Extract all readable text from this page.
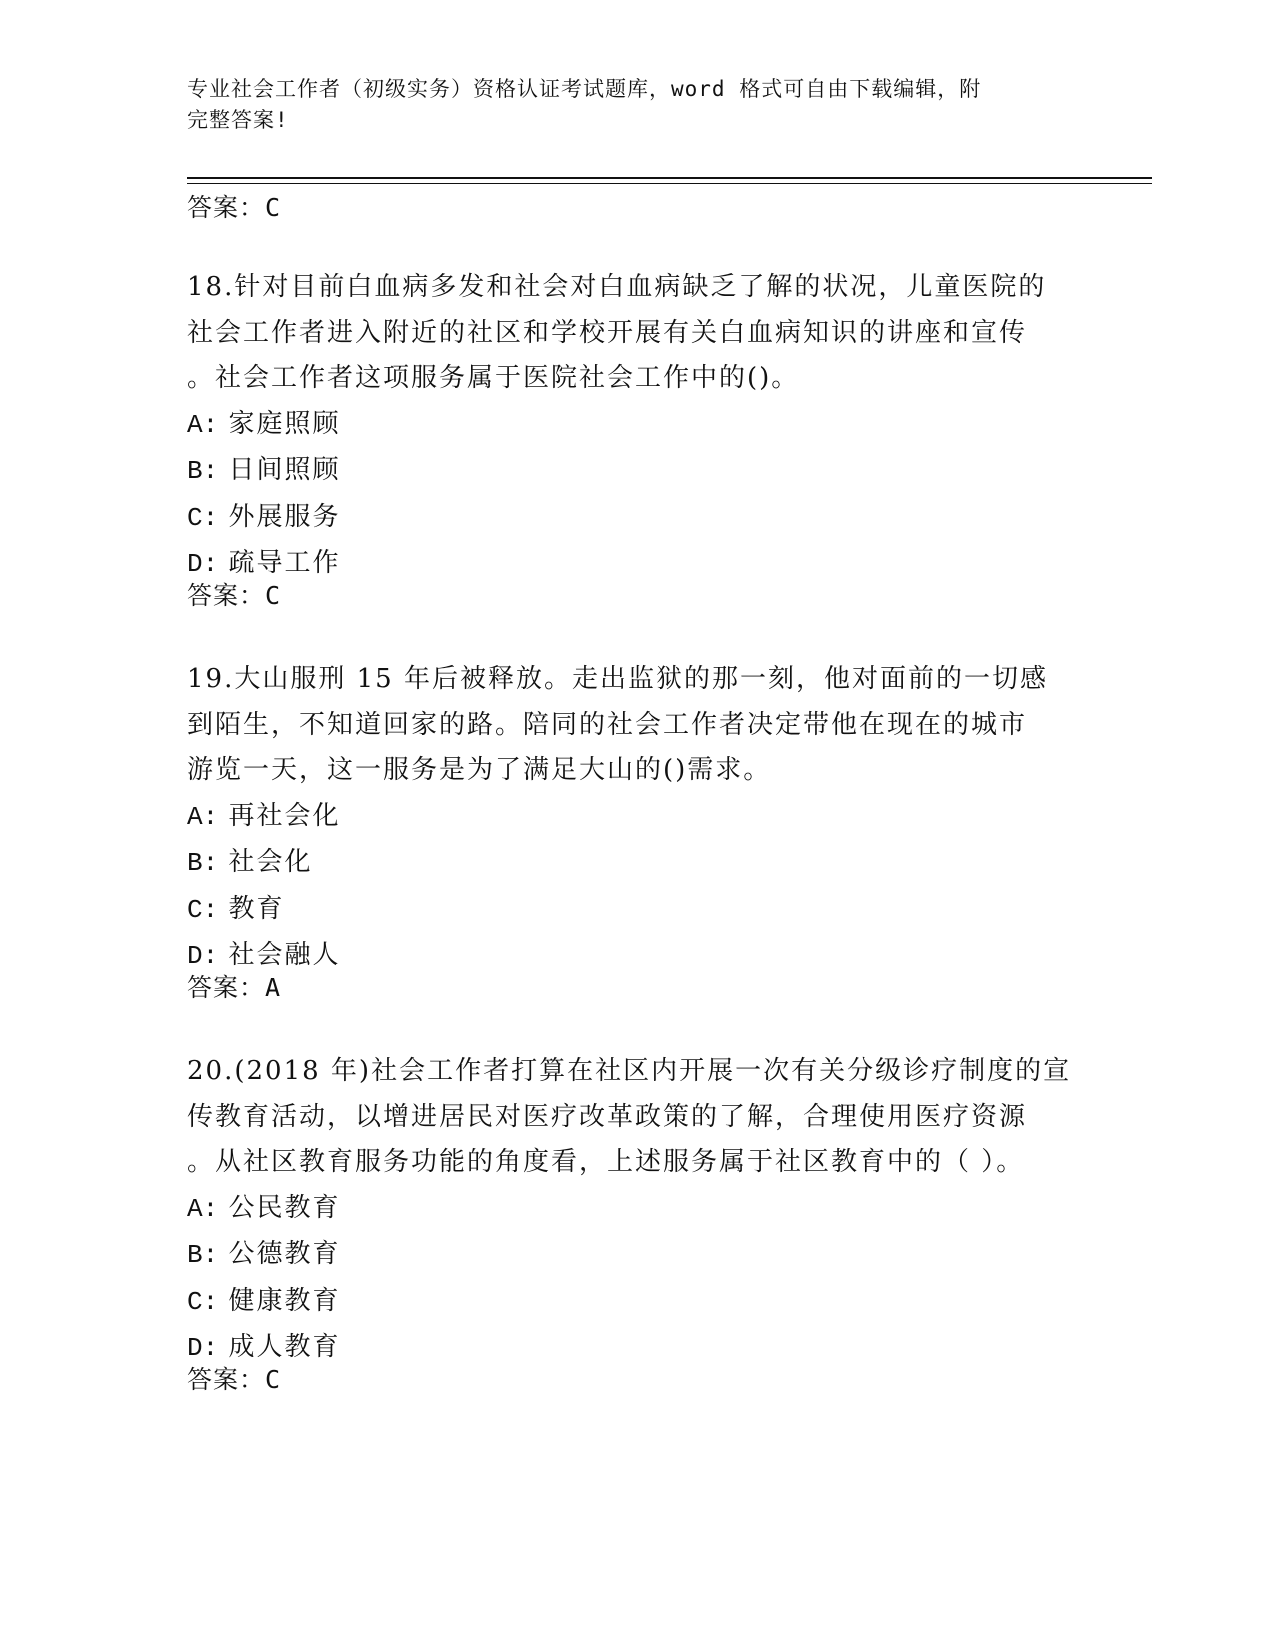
专业社会工作者（初级实务）资格认证考试题库，word 格式可自由下载编辑，附
完整答案!
答案：C
18.针对目前白血病多发和社会对白血病缺乏了解的状况，儿童医院的
社会工作者进入附近的社区和学校开展有关白血病知识的讲座和宣传
。社会工作者这项服务属于医院社会工作中的()。
A: 家庭照顾
B: 日间照顾
C: 外展服务
D: 疏导工作
答案：C
19.大山服刑 15 年后被释放。走出监狱的那一刻，他对面前的一切感
到陌生，不知道回家的路。陪同的社会工作者决定带他在现在的城市
游览一天，这一服务是为了满足大山的()需求。
A: 再社会化
B: 社会化
C: 教育
D: 社会融人
答案：A
20.(2018 年)社会工作者打算在社区内开展一次有关分级诊疗制度的宣
传教育活动，以增进居民对医疗改革政策的了解，合理使用医疗资源
。从社区教育服务功能的角度看，上述服务属于社区教育中的（ ）。
A: 公民教育
B: 公德教育
C: 健康教育
D: 成人教育
答案：C
